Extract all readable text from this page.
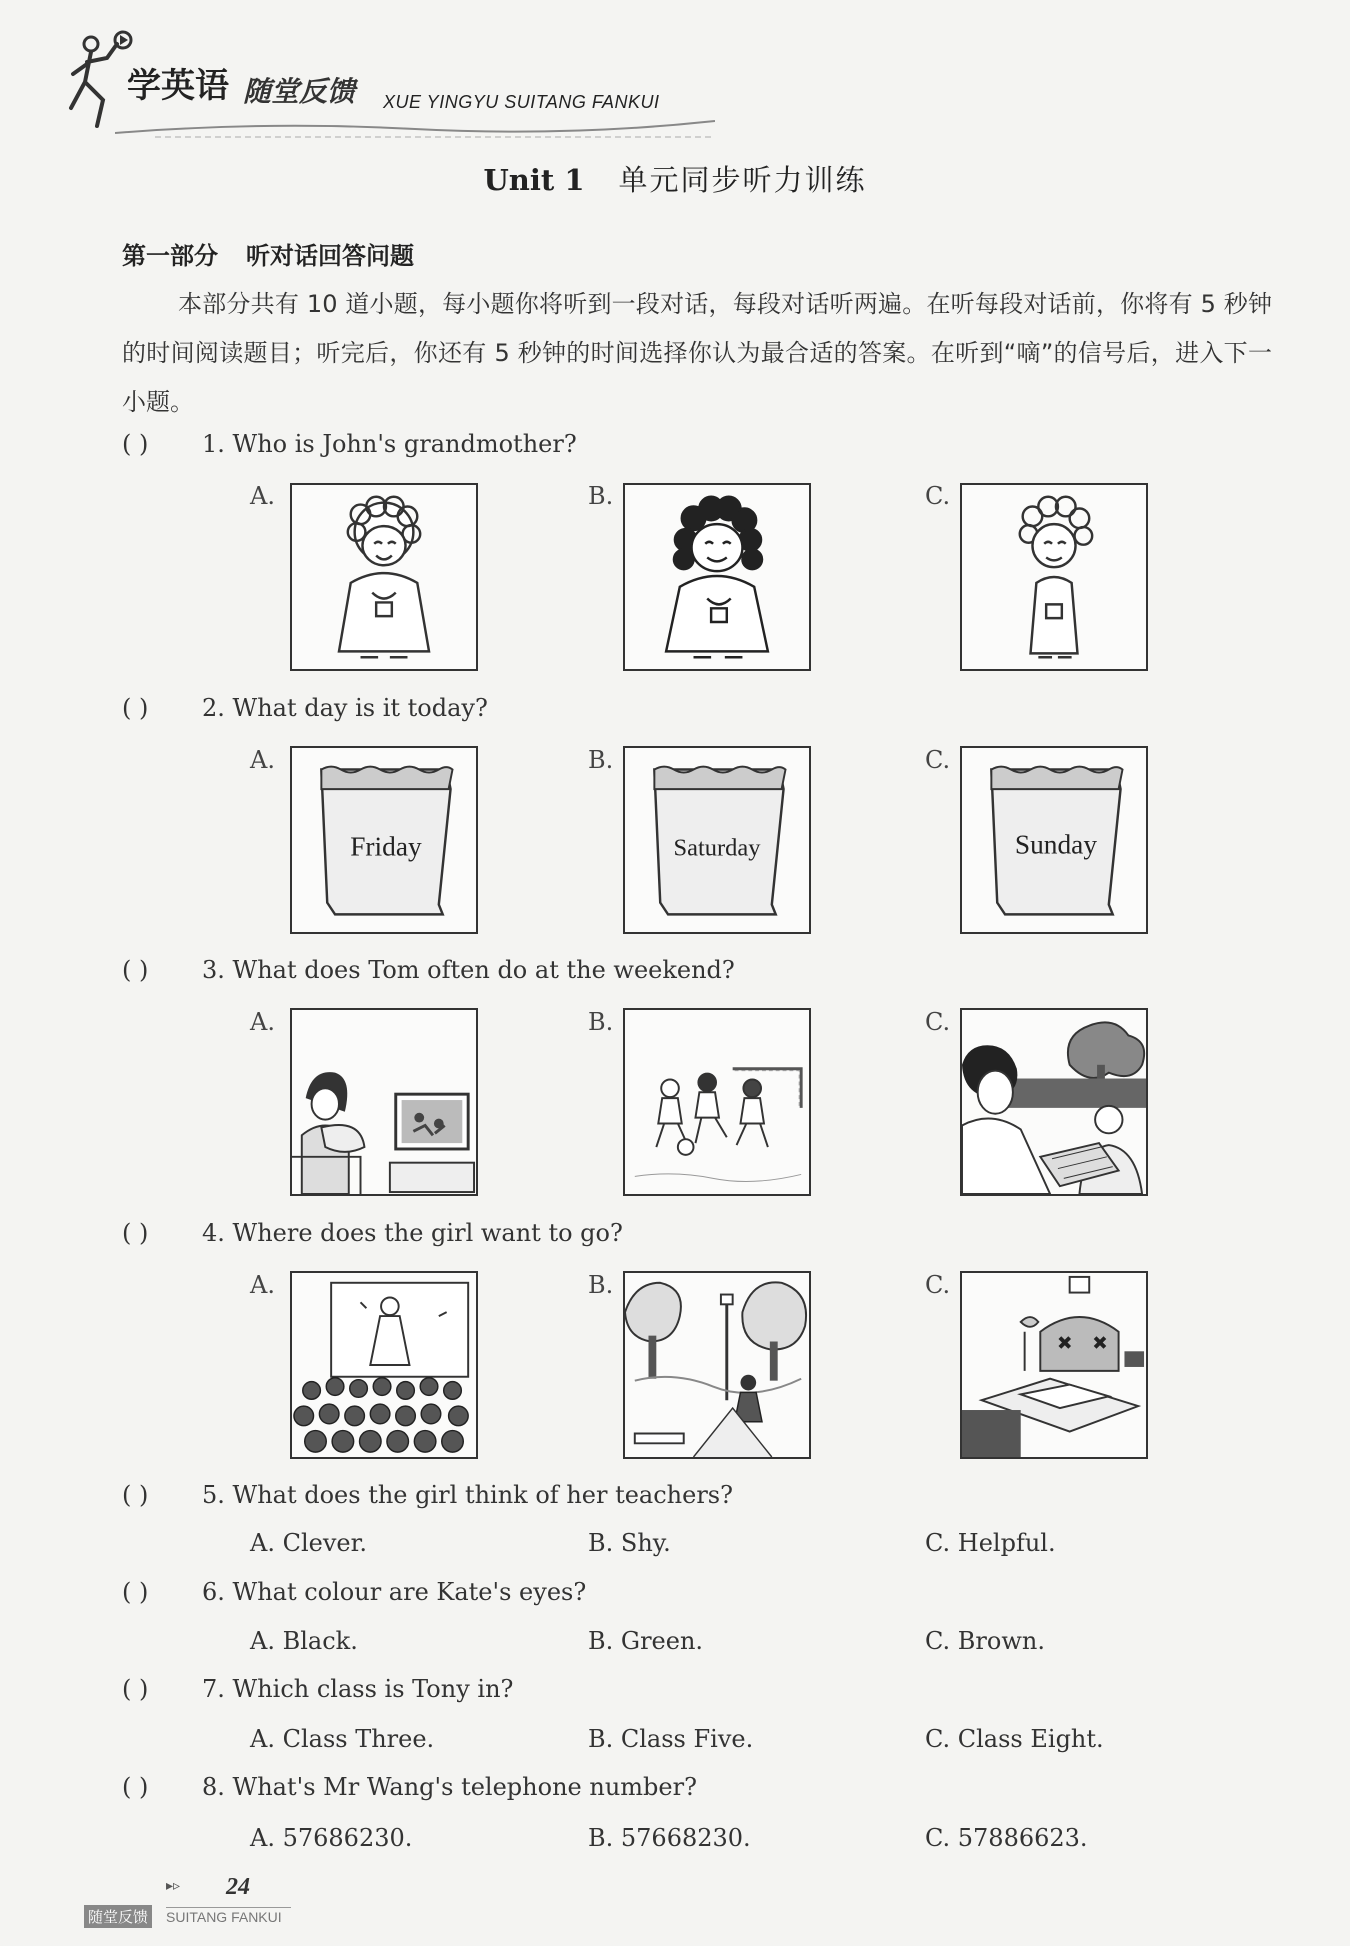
学英语 随堂反馈 XUE YINGYU SUITANG FANKUI
Unit 1 单元同步听力训练
第一部分 听对话回答问题
本部分共有 10 道小题，每小题你将听到一段对话，每段对话听两遍。在听每段对话前，你将有 5 秒钟的时间阅读题目；听完后，你还有 5 秒钟的时间选择你认为最合适的答案。在听到“嘀”的信号后，进入下一小题。
( ) 1. Who is John's grandmother?
A.	B.	C.
( ) 2. What day is it today?
A.	B.	C.
Friday	Saturday	Sunday
( ) 3. What does Tom often do at the weekend?
A.	B.	C.
( ) 4. Where does the girl want to go?
A.	B.	C.
( ) 5. What does the girl think of her teachers?
A. Clever.	B. Shy.	C. Helpful.
( ) 6. What colour are Kate's eyes?
A. Black.	B. Green.	C. Brown.
( ) 7. Which class is Tony in?
A. Class Three.	B. Class Five.	C. Class Eight.
( ) 8. What's Mr Wang's telephone number?
A. 57686230.	B. 57668230.	C. 57886623.
▸▹ 24
随堂反馈 SUITANG FANKUI
